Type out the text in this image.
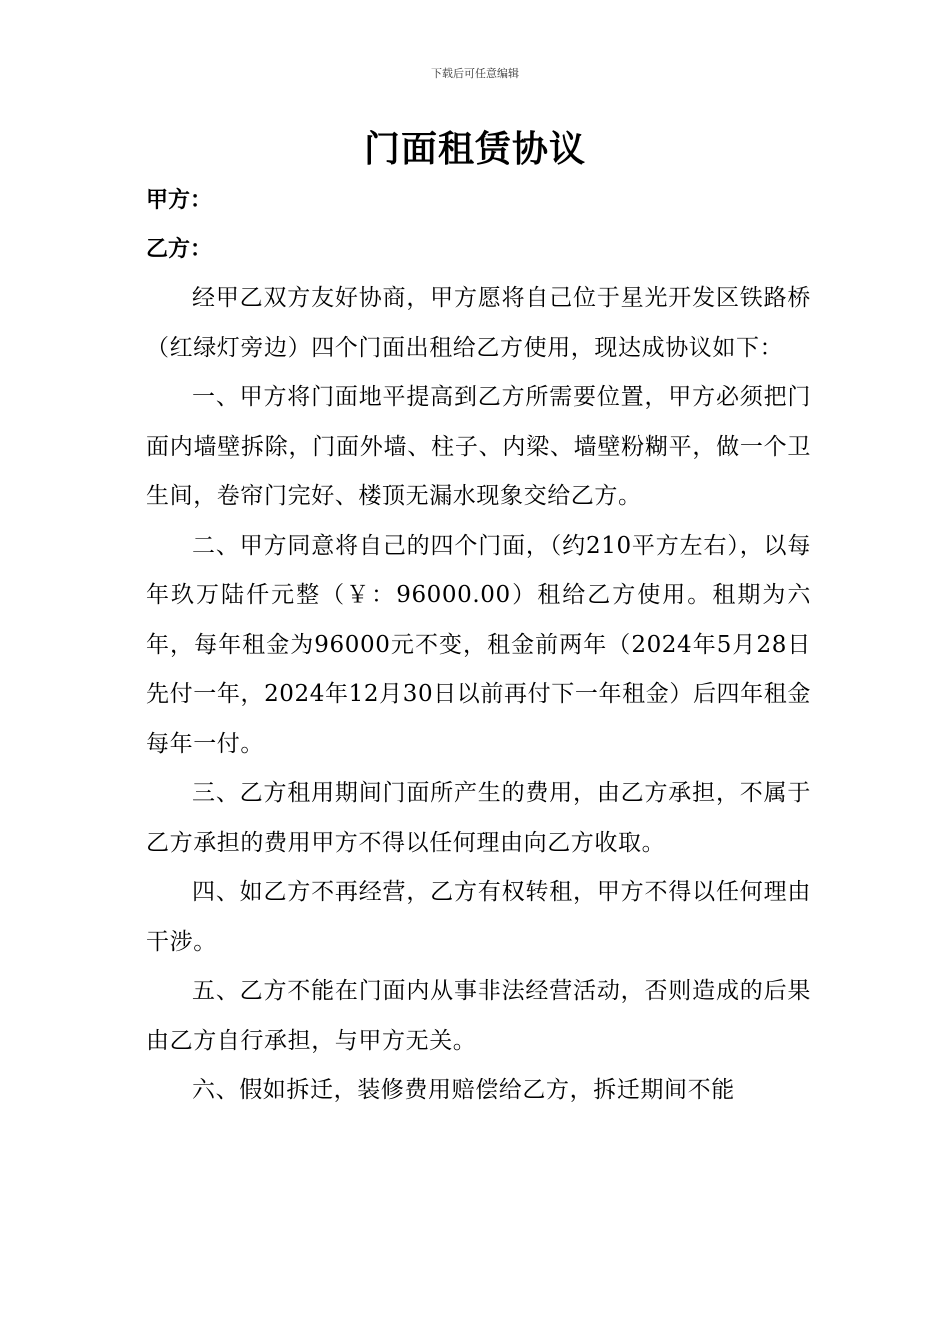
下载后可任意编辑
门面租赁协议
甲方：
乙方：

经甲乙双方友好协商，甲方愿将自己位于星光开发区铁路桥（红绿灯旁边）四个门面出租给乙方使用，现达成协议如下：

一、甲方将门面地平提高到乙方所需要位置，甲方必须把门面内墙壁拆除，门面外墙、柱子、内梁、墙壁粉糊平，做一个卫生间，卷帘门完好、楼顶无漏水现象交给乙方。

二、甲方同意将自己的四个门面，（约210平方左右），以每年玖万陆仟元整（￥：96000.00）租给乙方使用。租期为六年，每年租金为96000元不变，租金前两年（2024年5月28日先付一年，2024年12月30日以前再付下一年租金）后四年租金每年一付。

三、乙方租用期间门面所产生的费用，由乙方承担，不属于乙方承担的费用甲方不得以任何理由向乙方收取。

四、如乙方不再经营，乙方有权转租，甲方不得以任何理由干涉。

五、乙方不能在门面内从事非法经营活动，否则造成的后果由乙方自行承担，与甲方无关。

六、假如拆迁，装修费用赔偿给乙方，拆迁期间不能
